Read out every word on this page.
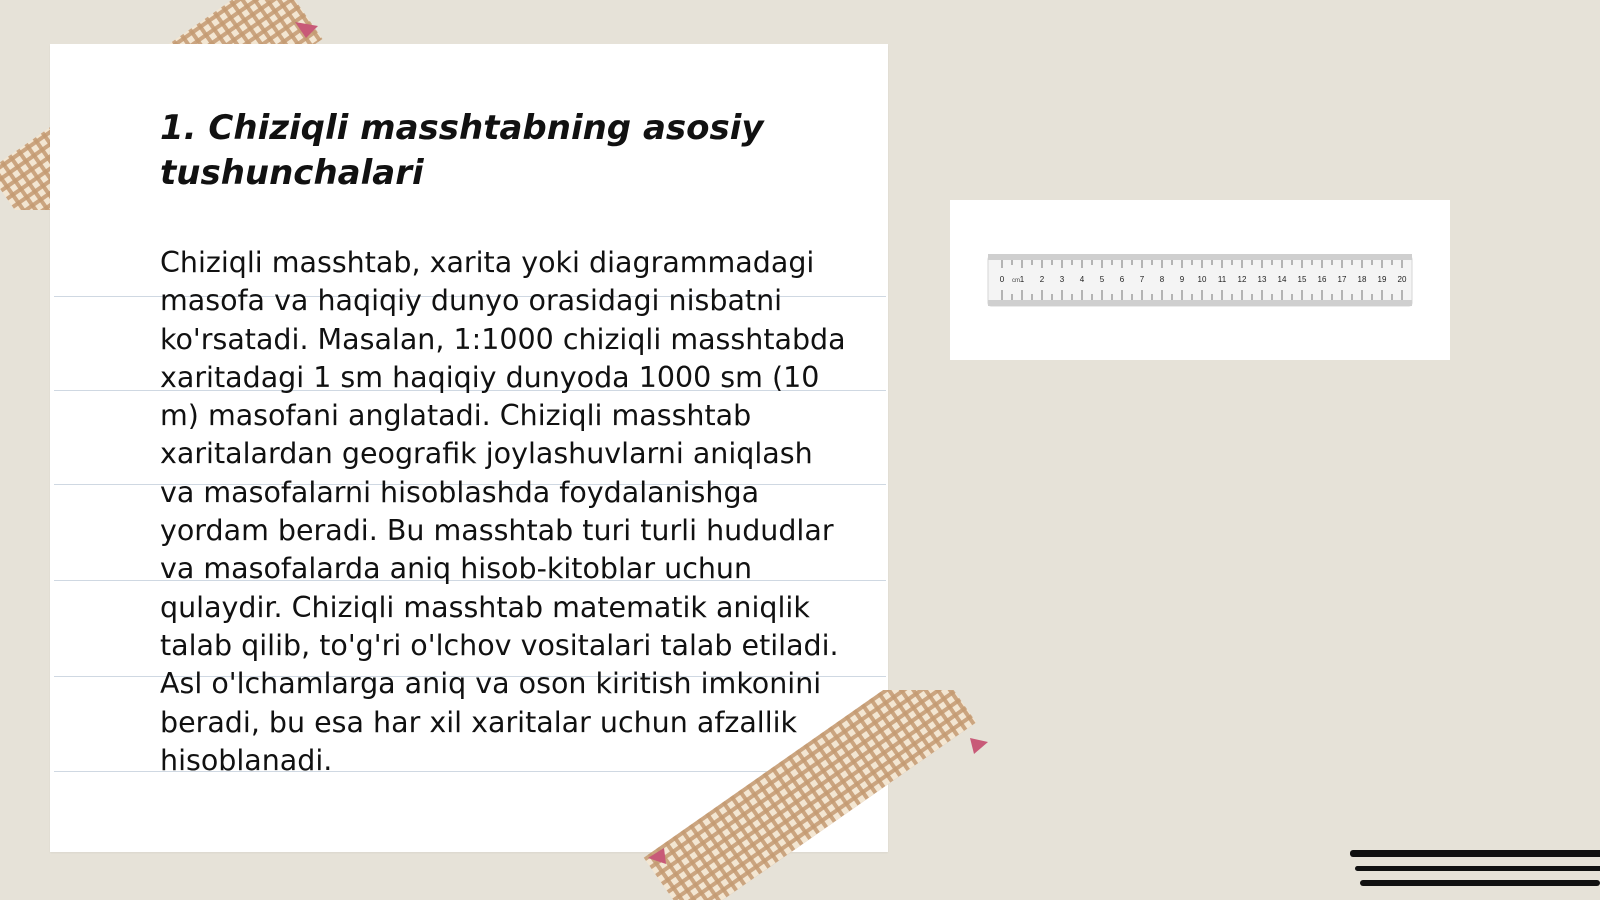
1. Chiziqli masshtabning asosiy tushunchalari

Chiziqli masshtab, xarita yoki diagrammadagi masofa va haqiqiy dunyo orasidagi nisbatni ko'rsatadi. Masalan, 1:1000 chiziqli masshtabda xaritadagi 1 sm haqiqiy dunyoda 1000 sm (10 m) masofani anglatadi. Chiziqli masshtab xaritalardan geografik joylashuvlarni aniqlash va masofalarni hisoblashda foydalanishga yordam beradi. Bu masshtab turi turli hududlar va masofalarda aniq hisob-kitoblar uchun qulaydir. Chiziqli masshtab matematik aniqlik talab qilib, to'g'ri o'lchov vositalari talab etiladi. Asl o'lchamlarga aniq va oson kiritish imkonini beradi, bu esa har xil xaritalar uchun afzallik hisoblanadi.

0 1 2 3 4 5 6 7 8 9 10 11 12 13 14 15 16 17 18 19 20
cm
